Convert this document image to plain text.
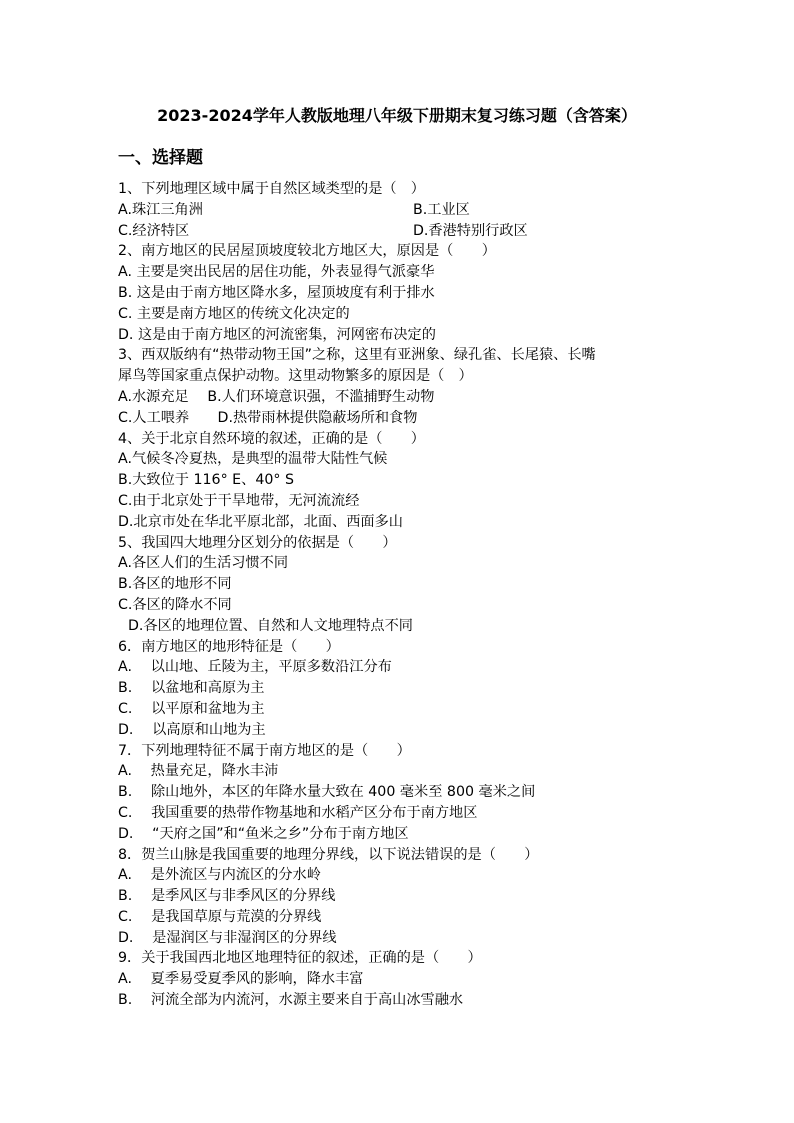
2023-2024学年人教版地理八年级下册期末复习练习题（含答案）
一、选择题
1、下列地理区域中属于自然区域类型的是（　）
A.珠江三角洲	B.工业区
C.经济特区	D.香港特别行政区
2、南方地区的民居屋顶坡度较北方地区大，原因是（　　）
A. 主要是突出民居的居住功能，外表显得气派豪华
B. 这是由于南方地区降水多，屋顶坡度有利于排水
C. 主要是南方地区的传统文化决定的
D. 这是由于南方地区的河流密集，河网密布决定的
3、西双版纳有“热带动物王国”之称，这里有亚洲象、绿孔雀、长尾猿、长嘴
犀鸟等国家重点保护动物。这里动物繁多的原因是（　）
A.水源充足　 B.人们环境意识强，不滥捕野生动物
C.人工喂养　　D.热带雨林提供隐蔽场所和食物
4、关于北京自然环境的叙述，正确的是（　　）
A.气候冬冷夏热，是典型的温带大陆性气候
B.大致位于 116° E、40° S
C.由于北京处于干旱地带，无河流流经
D.北京市处在华北平原北部，北面、西面多山
5、我国四大地理分区划分的依据是（　　）
A.各区人们的生活习惯不同
B.各区的地形不同
C.各区的降水不同
D.各区的地理位置、自然和人文地理特点不同
6．南方地区的地形特征是（　　）
A.　 以山地、丘陵为主，平原多数沿江分布
B.　 以盆地和高原为主
C.　 以平原和盆地为主
D.　 以高原和山地为主
7．下列地理特征不属于南方地区的是（　　）
A.　 热量充足，降水丰沛
B.　 除山地外，本区的年降水量大致在 400 毫米至 800 毫米之间
C.　 我国重要的热带作物基地和水稻产区分布于南方地区
D.　 “天府之国”和“鱼米之乡”分布于南方地区
8．贺兰山脉是我国重要的地理分界线，以下说法错误的是（　　）
A.　 是外流区与内流区的分水岭
B.　 是季风区与非季风区的分界线
C.　 是我国草原与荒漠的分界线
D.　 是湿润区与非湿润区的分界线
9．关于我国西北地区地理特征的叙述，正确的是（　　）
A.　 夏季易受夏季风的影响，降水丰富
B.　 河流全部为内流河，水源主要来自于高山冰雪融水
